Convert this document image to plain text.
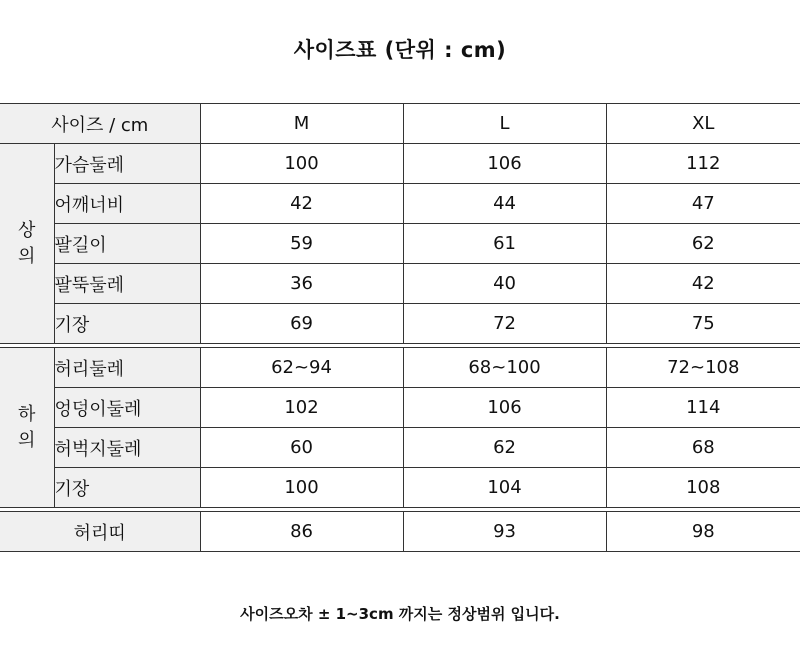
사이즈표 (단위 : cm)
사이즈 / cm		M	L	XL

상
의	가슴둘레	100	106	112
	어깨너비	42	44	47
	팔길이	59	61	62
	팔뚝둘레	36	40	42
	기장	69	72	75

하
의	허리둘레	62~94	68~100	72~108
	엉덩이둘레	102	106	114
	허벅지둘레	60	62	68
	기장	100	104	108

허리띠		86	93	98
사이즈오차 ± 1~3cm 까지는 정상범위 입니다.
